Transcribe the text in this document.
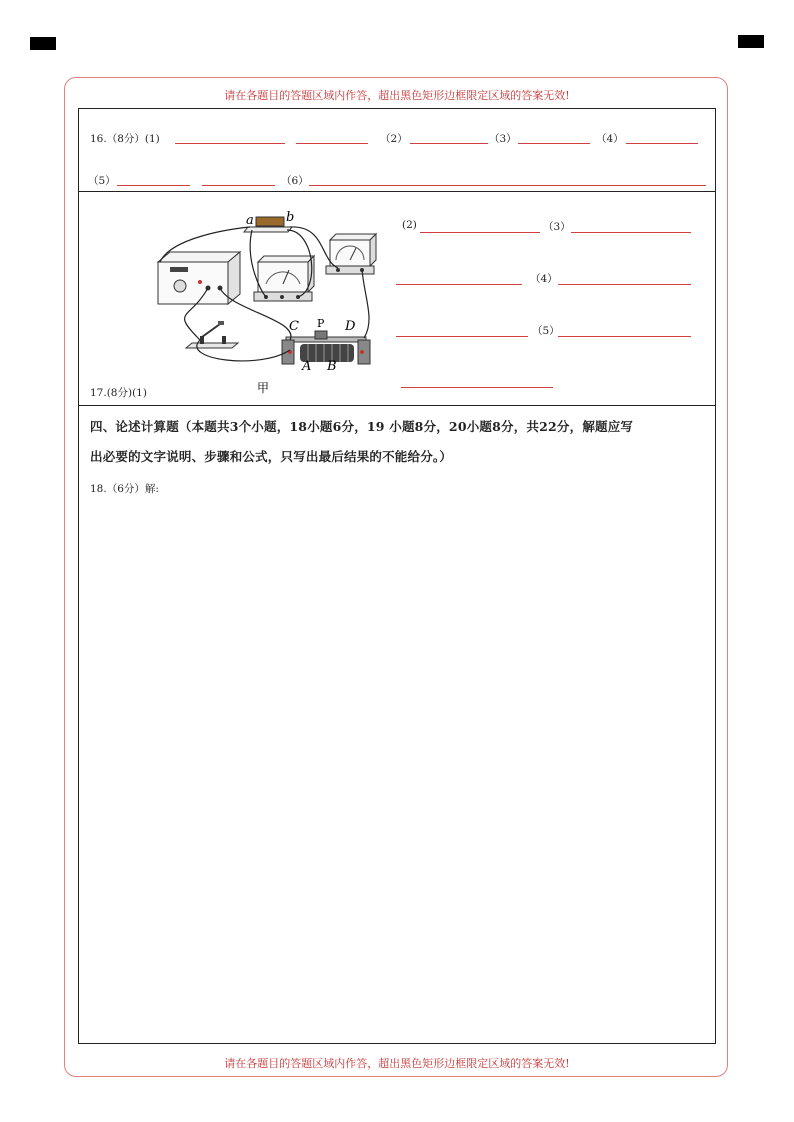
请在各题目的答题区域内作答，超出黑色矩形边框限定区域的答案无效!
请在各题目的答题区域内作答，超出黑色矩形边框限定区域的答案无效!
16.（8分）(1)	（2）	（3）	（4）
（5）	（6）
a b
C P D
A B
甲
17.(8分)(1)
(2)	（3）
（4）
（5）
四、论述计算题（本题共3个小题，18小题6分，19 小题8分，20小题8分，共22分，解题应写
出必要的文字说明、步骤和公式，只写出最后结果的不能给分。）
18.（6分）解:
